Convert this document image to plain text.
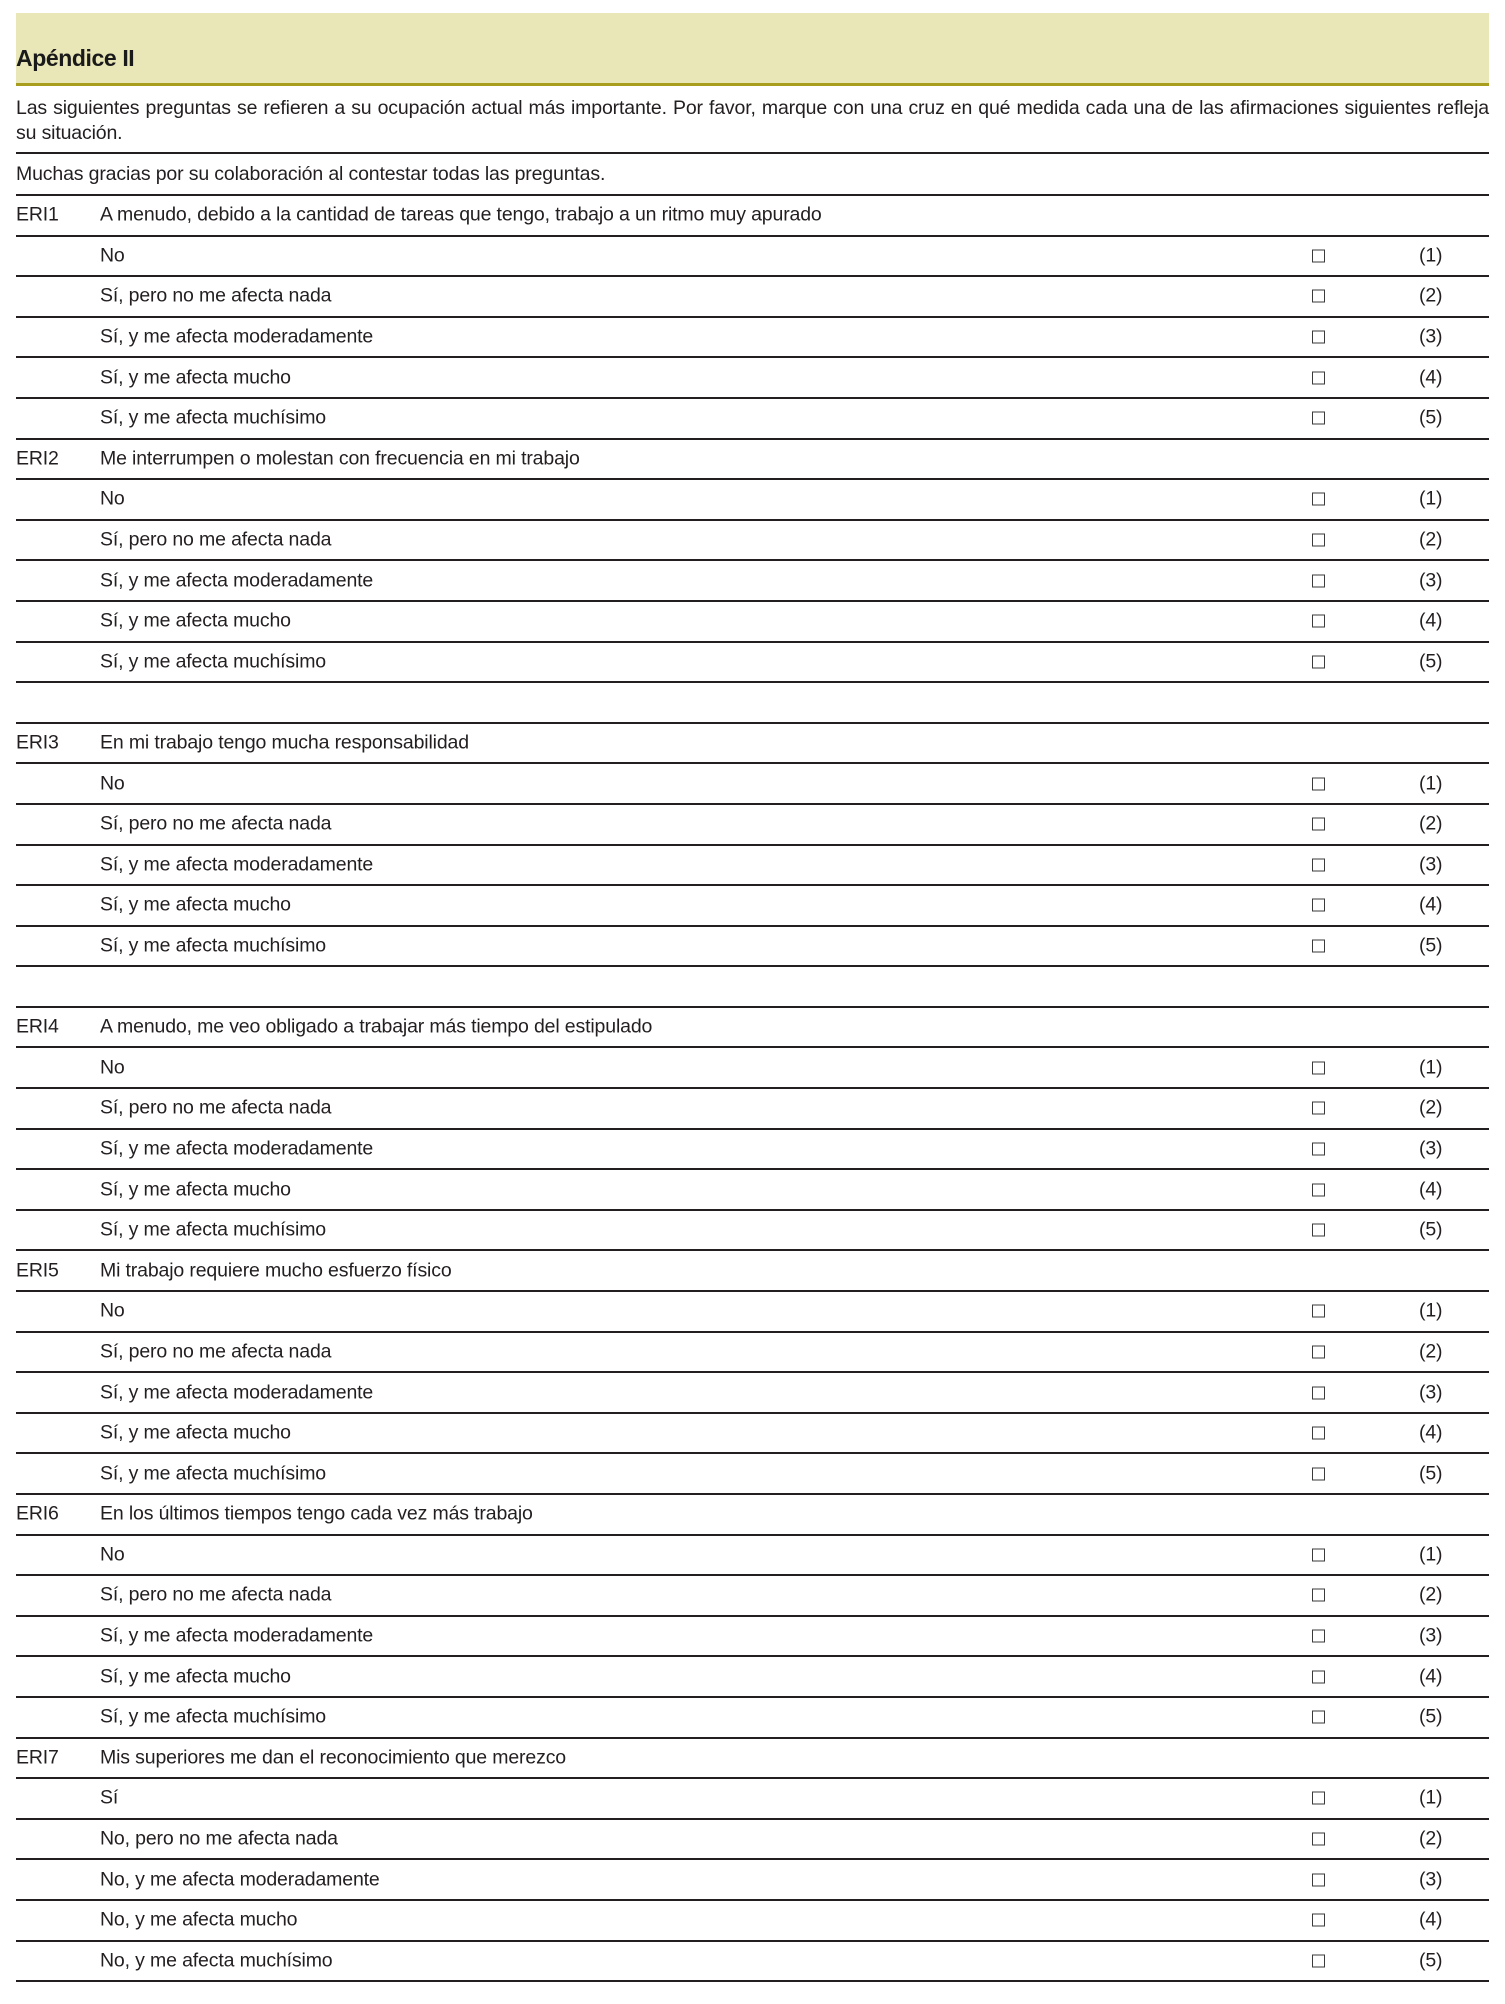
Apéndice II
Las siguientes preguntas se refieren a su ocupación actual más importante. Por favor, marque con una cruz en qué medida cada una de las afirmaciones siguientes refleja su situación.
Muchas gracias por su colaboración al contestar todas las preguntas.
ERI1 A menudo, debido a la cantidad de tareas que tengo, trabajo a un ritmo muy apurado
No	(1)
Sí, pero no me afecta nada	(2)
Sí, y me afecta moderadamente	(3)
Sí, y me afecta mucho	(4)
Sí, y me afecta muchísimo	(5)
ERI2 Me interrumpen o molestan con frecuencia en mi trabajo
No	(1)
Sí, pero no me afecta nada	(2)
Sí, y me afecta moderadamente	(3)
Sí, y me afecta mucho	(4)
Sí, y me afecta muchísimo	(5)
ERI3 En mi trabajo tengo mucha responsabilidad
No	(1)
Sí, pero no me afecta nada	(2)
Sí, y me afecta moderadamente	(3)
Sí, y me afecta mucho	(4)
Sí, y me afecta muchísimo	(5)
ERI4 A menudo, me veo obligado a trabajar más tiempo del estipulado
No	(1)
Sí, pero no me afecta nada	(2)
Sí, y me afecta moderadamente	(3)
Sí, y me afecta mucho	(4)
Sí, y me afecta muchísimo	(5)
ERI5 Mi trabajo requiere mucho esfuerzo físico
No	(1)
Sí, pero no me afecta nada	(2)
Sí, y me afecta moderadamente	(3)
Sí, y me afecta mucho	(4)
Sí, y me afecta muchísimo	(5)
ERI6 En los últimos tiempos tengo cada vez más trabajo
No	(1)
Sí, pero no me afecta nada	(2)
Sí, y me afecta moderadamente	(3)
Sí, y me afecta mucho	(4)
Sí, y me afecta muchísimo	(5)
ERI7 Mis superiores me dan el reconocimiento que merezco
Sí	(1)
No, pero no me afecta nada	(2)
No, y me afecta moderadamente	(3)
No, y me afecta mucho	(4)
No, y me afecta muchísimo	(5)
